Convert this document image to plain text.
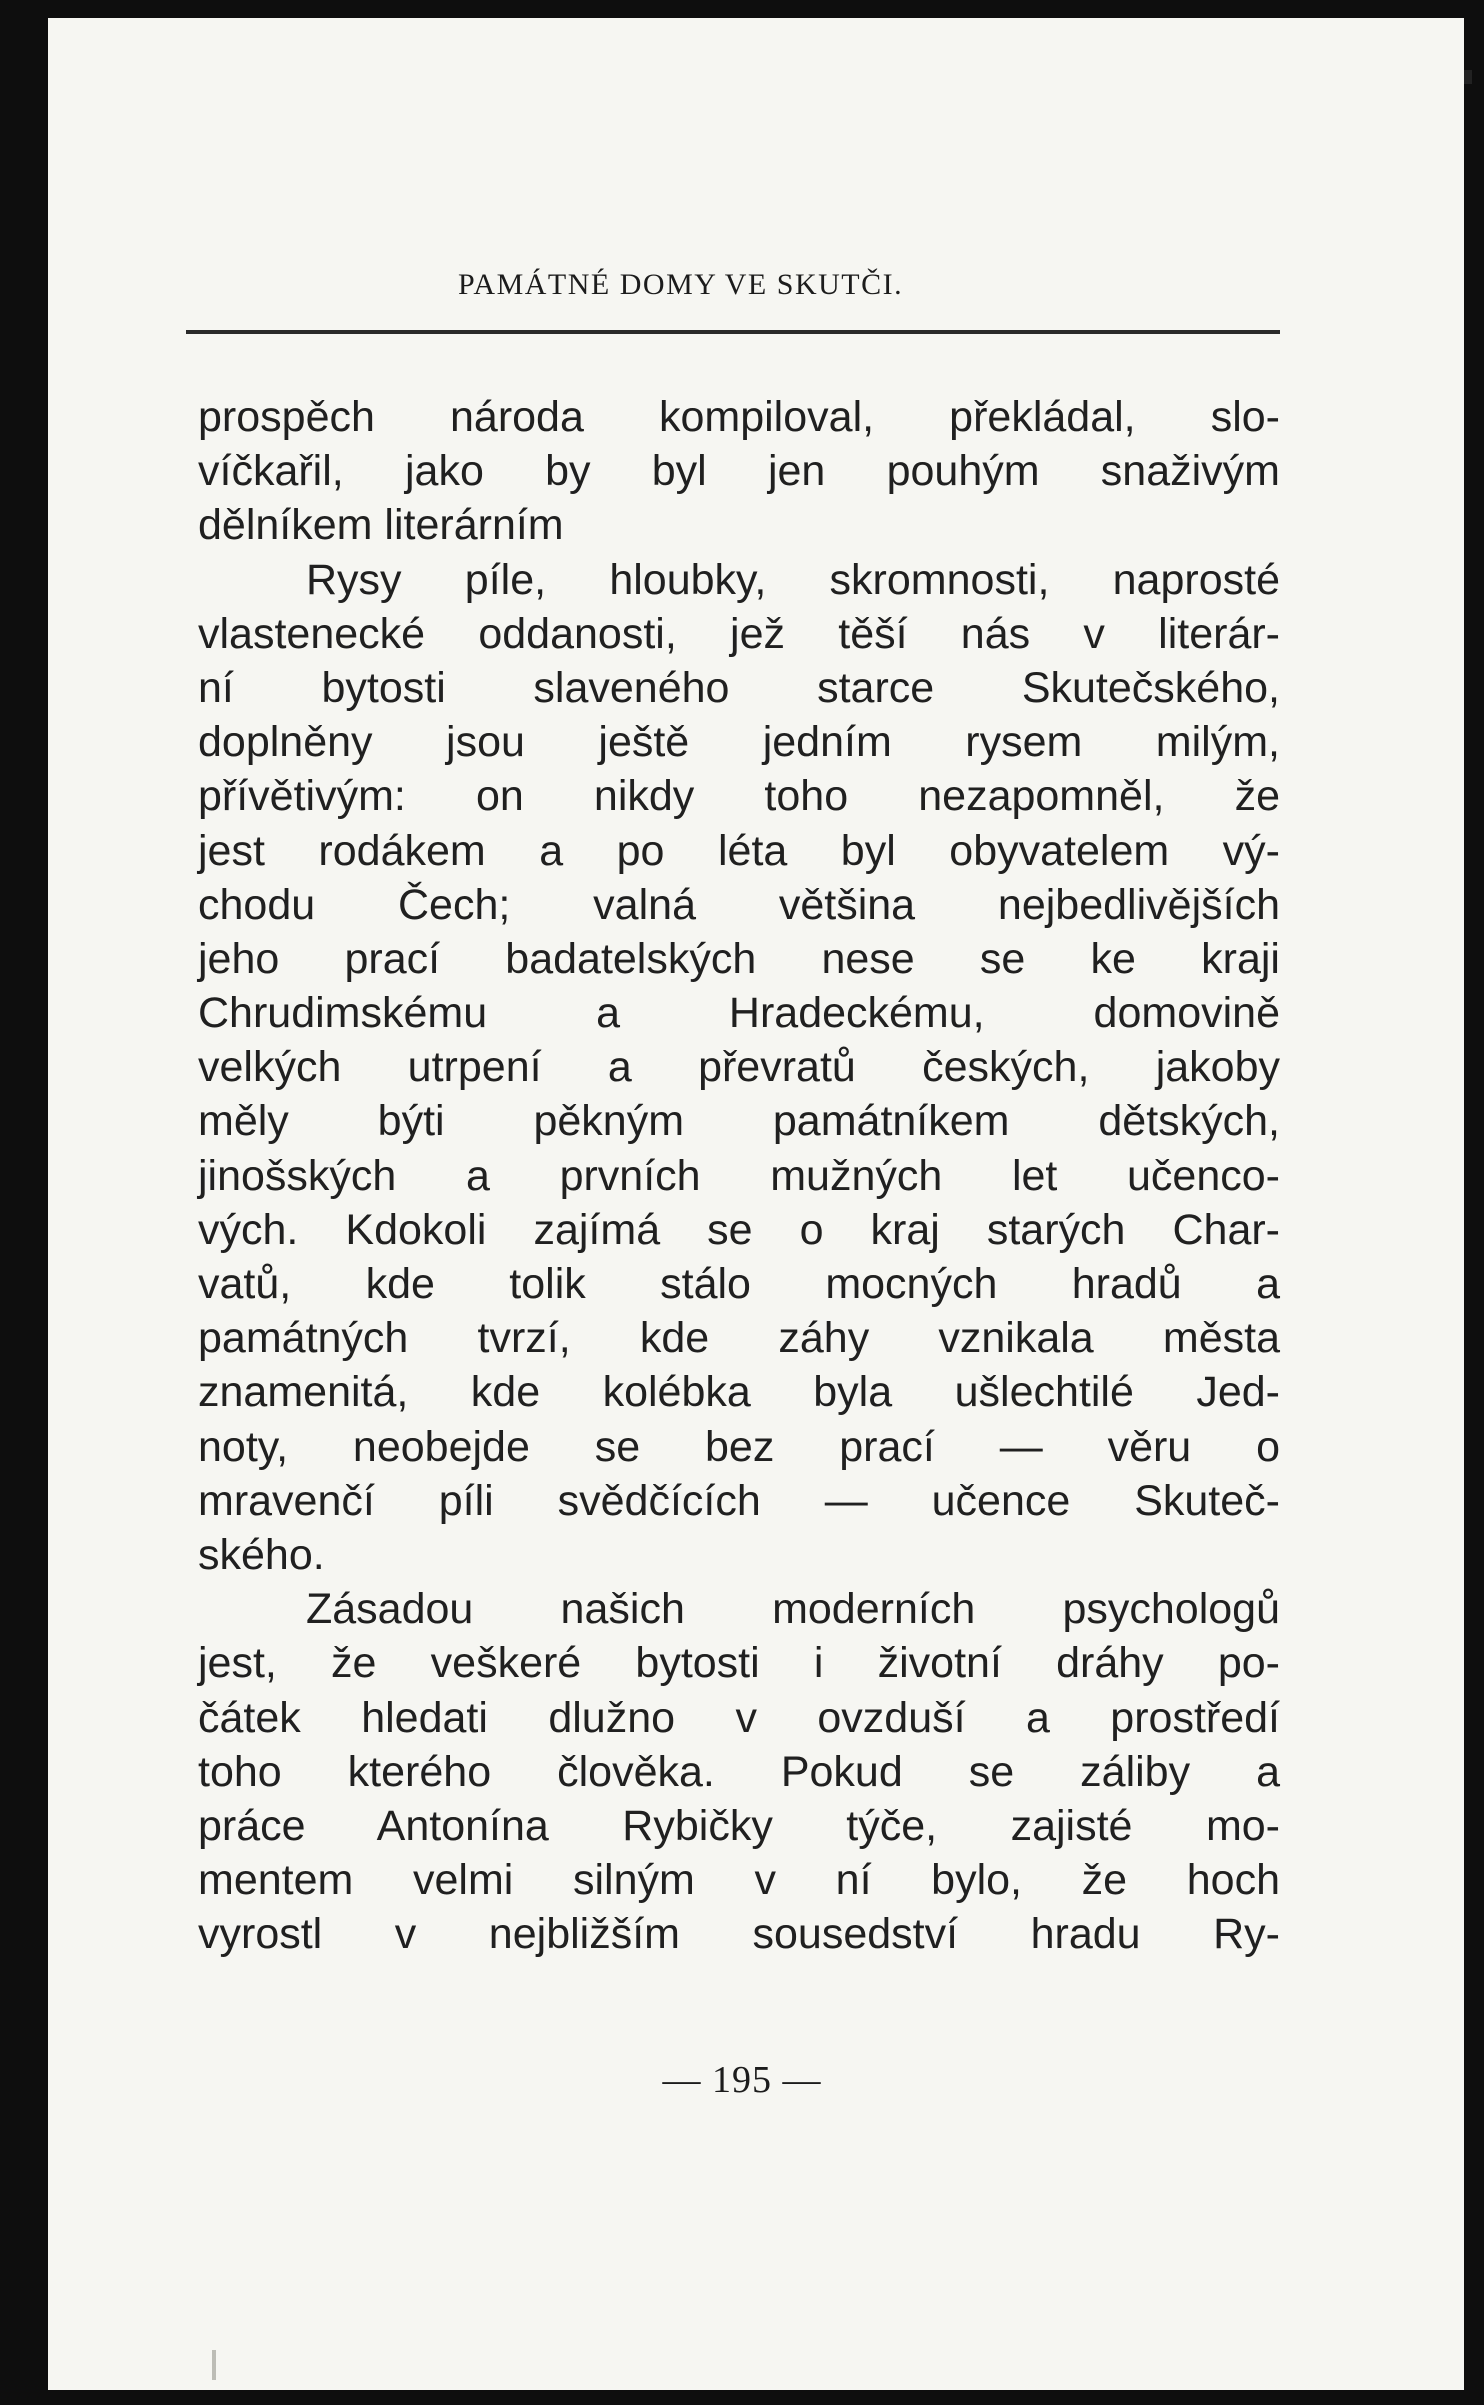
PAMÁTNÉ DOMY VE SKUTČI.
prospěch národa kompiloval, překládal, slo-
víčkařil, jako by byl jen pouhým snaživým
dělníkem literárním
Rysy píle, hloubky, skromnosti, naprosté
vlastenecké oddanosti, jež těší nás v literár-
ní bytosti slaveného starce Skutečského,
doplněny jsou ještě jedním rysem milým,
přívětivým: on nikdy toho nezapomněl, že
jest rodákem a po léta byl obyvatelem vý-
chodu Čech; valná většina nejbedlivějších
jeho prací badatelských nese se ke kraji
Chrudimskému a Hradeckému, domovině
velkých utrpení a převratů českých, jakoby
měly býti pěkným památníkem dětských,
jinošských a prvních mužných let učenco-
vých. Kdokoli zajímá se o kraj starých Char-
vatů, kde tolik stálo mocných hradů a
památných tvrzí, kde záhy vznikala města
znamenitá, kde kolébka byla ušlechtilé Jed-
noty, neobejde se bez prací — věru o
mravenčí píli svědčících — učence Skuteč-
ského.
Zásadou našich moderních psychologů
jest, že veškeré bytosti i životní dráhy po-
čátek hledati dlužno v ovzduší a prostředí
toho kterého člověka. Pokud se záliby a
práce Antonína Rybičky týče, zajisté mo-
mentem velmi silným v ní bylo, že hoch
vyrostl v nejbližším sousedství hradu Ry-
— 195 —
